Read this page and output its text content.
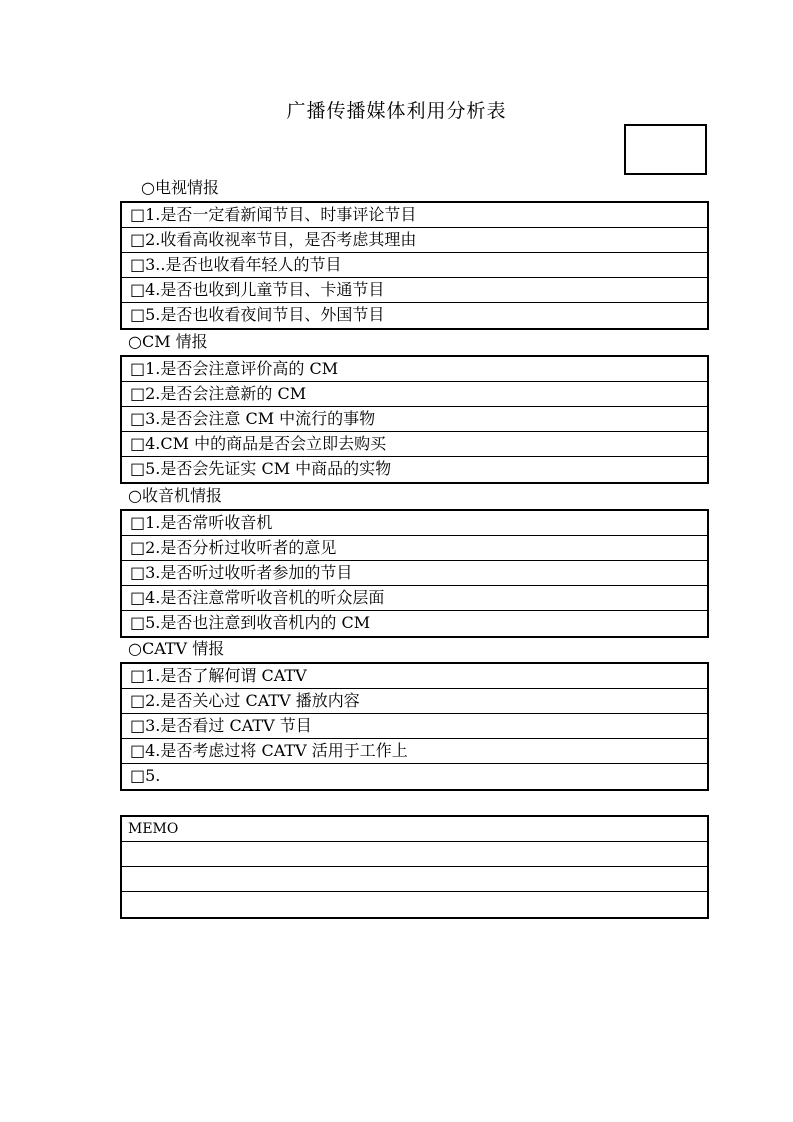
广播传播媒体利用分析表
○电视情报
□1.是否一定看新闻节目、时事评论节目
□2.收看高收视率节目，是否考虑其理由
□3..是否也收看年轻人的节目
□4.是否也收到儿童节目、卡通节目
□5.是否也收看夜间节目、外国节目
○CM 情报
□1.是否会注意评价高的 CM
□2.是否会注意新的 CM
□3.是否会注意 CM 中流行的事物
□4.CM 中的商品是否会立即去购买
□5.是否会先证实 CM 中商品的实物
○收音机情报
□1.是否常听收音机
□2.是否分析过收听者的意见
□3.是否听过收听者参加的节目
□4.是否注意常听收音机的听众层面
□5.是否也注意到收音机内的 CM
○CATV 情报
□1.是否了解何谓 CATV
□2.是否关心过 CATV 播放内容
□3.是否看过 CATV 节目
□4.是否考虑过将 CATV 活用于工作上
□5.
MEMO
